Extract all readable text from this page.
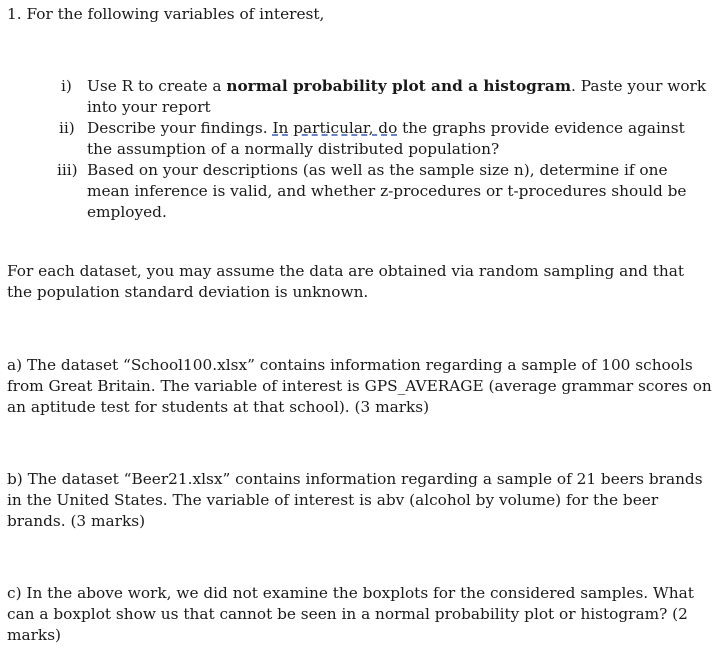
1. For the following variables of interest,

i) Use R to create a normal probability plot and a histogram. Paste your work into your report
ii) Describe your findings. In particular, do the graphs provide evidence against the assumption of a normally distributed population?
iii) Based on your descriptions (as well as the sample size n), determine if one mean inference is valid, and whether z-procedures or t-procedures should be employed.

For each dataset, you may assume the data are obtained via random sampling and that the population standard deviation is unknown.

a) The dataset “School100.xlsx” contains information regarding a sample of 100 schools from Great Britain. The variable of interest is GPS_AVERAGE (average grammar scores on an aptitude test for students at that school). (3 marks)

b) The dataset “Beer21.xlsx” contains information regarding a sample of 21 beers brands in the United States. The variable of interest is abv (alcohol by volume) for the beer brands. (3 marks)

c) In the above work, we did not examine the boxplots for the considered samples. What can a boxplot show us that cannot be seen in a normal probability plot or histogram? (2 marks)
